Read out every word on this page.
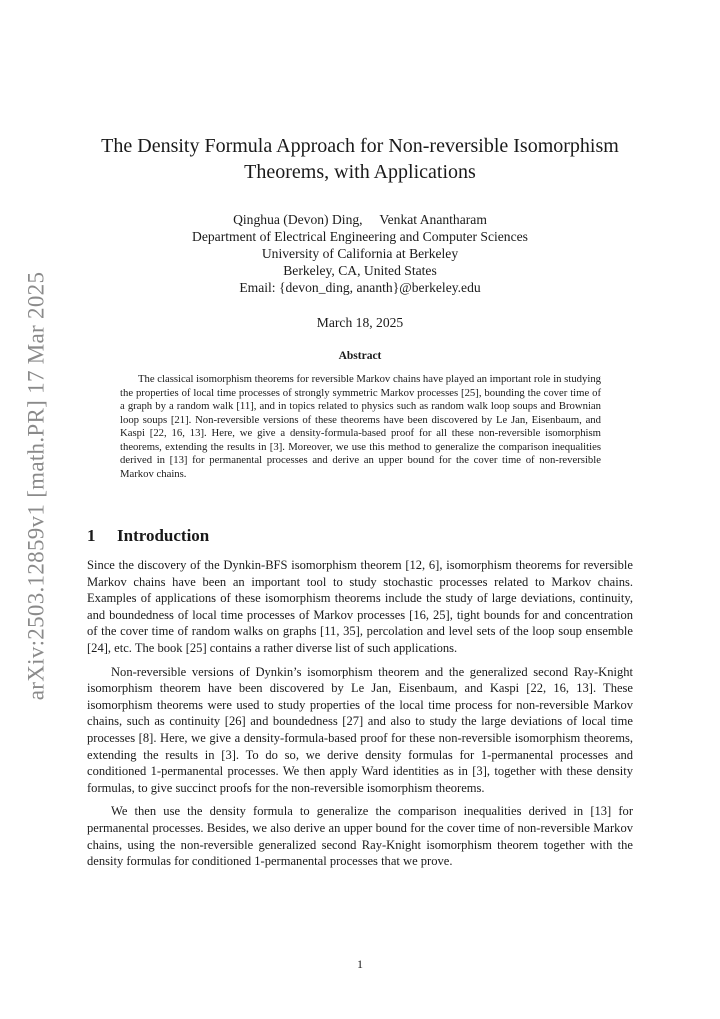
arXiv:2503.12859v1 [math.PR] 17 Mar 2025
The Density Formula Approach for Non-reversible Isomorphism Theorems, with Applications
Qinghua (Devon) Ding,     Venkat Anantharam
Department of Electrical Engineering and Computer Sciences
University of California at Berkeley
Berkeley, CA, United States
Email: {devon_ding, ananth}@berkeley.edu
March 18, 2025
Abstract

The classical isomorphism theorems for reversible Markov chains have played an important role in studying the properties of local time processes of strongly symmetric Markov processes [25], bounding the cover time of a graph by a random walk [11], and in topics related to physics such as random walk loop soups and Brownian loop soups [21]. Non-reversible versions of these theorems have been discovered by Le Jan, Eisenbaum, and Kaspi [22, 16, 13]. Here, we give a density-formula-based proof for all these non-reversible isomorphism theorems, extending the results in [3]. Moreover, we use this method to generalize the comparison inequalities derived in [13] for permanental processes and derive an upper bound for the cover time of non-reversible Markov chains.

1 Introduction

Since the discovery of the Dynkin-BFS isomorphism theorem [12, 6], isomorphism theorems for reversible Markov chains have been an important tool to study stochastic processes related to Markov chains. Examples of applications of these isomorphism theorems include the study of large deviations, continuity, and boundedness of local time processes of Markov processes [16, 25], tight bounds for and concentration of the cover time of random walks on graphs [11, 35], percolation and level sets of the loop soup ensemble [24], etc. The book [25] contains a rather diverse list of such applications.

Non-reversible versions of Dynkin’s isomorphism theorem and the generalized second Ray-Knight isomorphism theorem have been discovered by Le Jan, Eisenbaum, and Kaspi [22, 16, 13]. These isomorphism theorems were used to study properties of the local time process for non-reversible Markov chains, such as continuity [26] and boundedness [27] and also to study the large deviations of local time processes [8]. Here, we give a density-formula-based proof for these non-reversible isomorphism theorems, extending the results in [3]. To do so, we derive density formulas for 1-permanental processes and conditioned 1-permanental processes. We then apply Ward identities as in [3], together with these density formulas, to give succinct proofs for the non-reversible isomorphism theorems.

We then use the density formula to generalize the comparison inequalities derived in [13] for permanental processes. Besides, we also derive an upper bound for the cover time of non-reversible Markov chains, using the non-reversible generalized second Ray-Knight isomorphism theorem together with the density formulas for conditioned 1-permanental processes that we prove.

1
